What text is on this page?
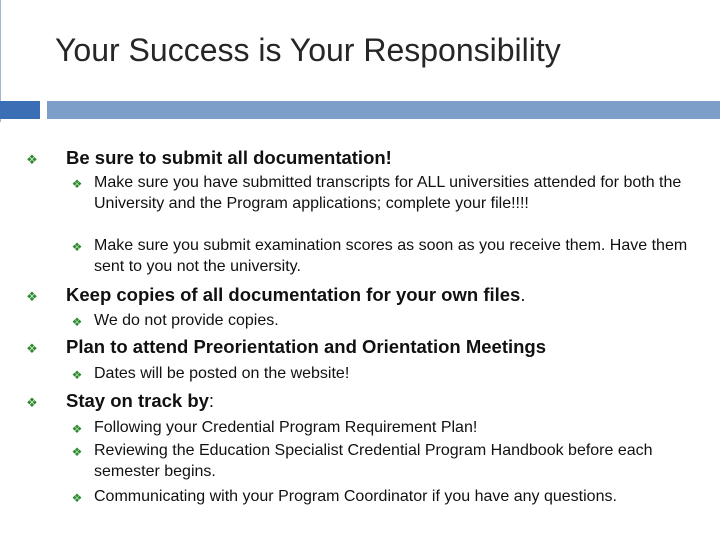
Your Success is Your Responsibility
❖ Be sure to submit all documentation!
❖ Make sure you have submitted transcripts for ALL universities attended for both the University and the Program applications; complete your file!!!!
❖ Make sure you submit examination scores as soon as you receive them. Have them sent to you not the university.
❖ Keep copies of all documentation for your own files.
❖ We do not provide copies.
❖ Plan to attend Preorientation and Orientation Meetings
❖ Dates will be posted on the website!
❖ Stay on track by:
❖ Following your Credential Program Requirement Plan!
❖ Reviewing the Education Specialist Credential Program Handbook before each semester begins.
❖ Communicating with your Program Coordinator if you have any questions.
